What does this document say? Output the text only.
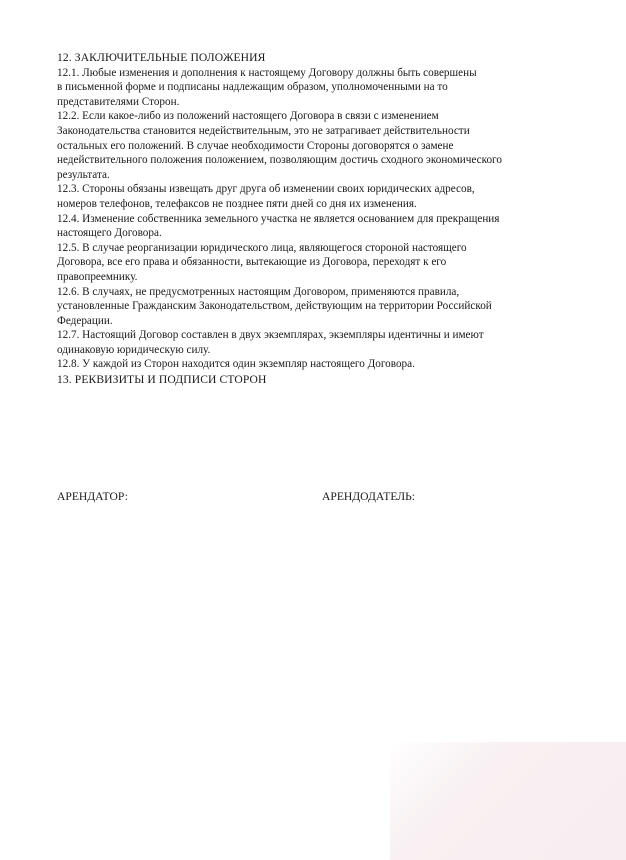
12. ЗАКЛЮЧИТЕЛЬНЫЕ ПОЛОЖЕНИЯ

12.1. Любые изменения и дополнения к настоящему Договору должны быть совершены

в письменной форме и подписаны надлежащим образом, уполномоченными на то

представителями Сторон.

12.2. Если какое-либо из положений настоящего Договора в связи с изменением

Законодательства становится недействительным, это не затрагивает действительности

остальных его положений. В случае необходимости Стороны договорятся о замене

недействительного положения положением, позволяющим достичь сходного экономического

результата.

12.3. Стороны обязаны извещать друг друга об изменении своих юридических адресов,

номеров телефонов, телефаксов не позднее пяти дней со дня их изменения.

12.4. Изменение собственника земельного участка не является основанием для прекращения

настоящего Договора.

12.5. В случае реорганизации юридического лица, являющегося стороной настоящего

Договора, все его права и обязанности, вытекающие из Договора, переходят к его

правопреемнику.

12.6. В случаях, не предусмотренных настоящим Договором, применяются правила,

установленные Гражданским Законодательством, действующим на территории Российской

Федерации.

12.7. Настоящий Договор составлен в двух экземплярах, экземпляры идентичны и имеют

одинаковую юридическую силу.

12.8. У каждой из Сторон находится один экземпляр настоящего Договора.

13. РЕКВИЗИТЫ И ПОДПИСИ СТОРОН

АРЕНДАТОР:	АРЕНДОДАТЕЛЬ:
